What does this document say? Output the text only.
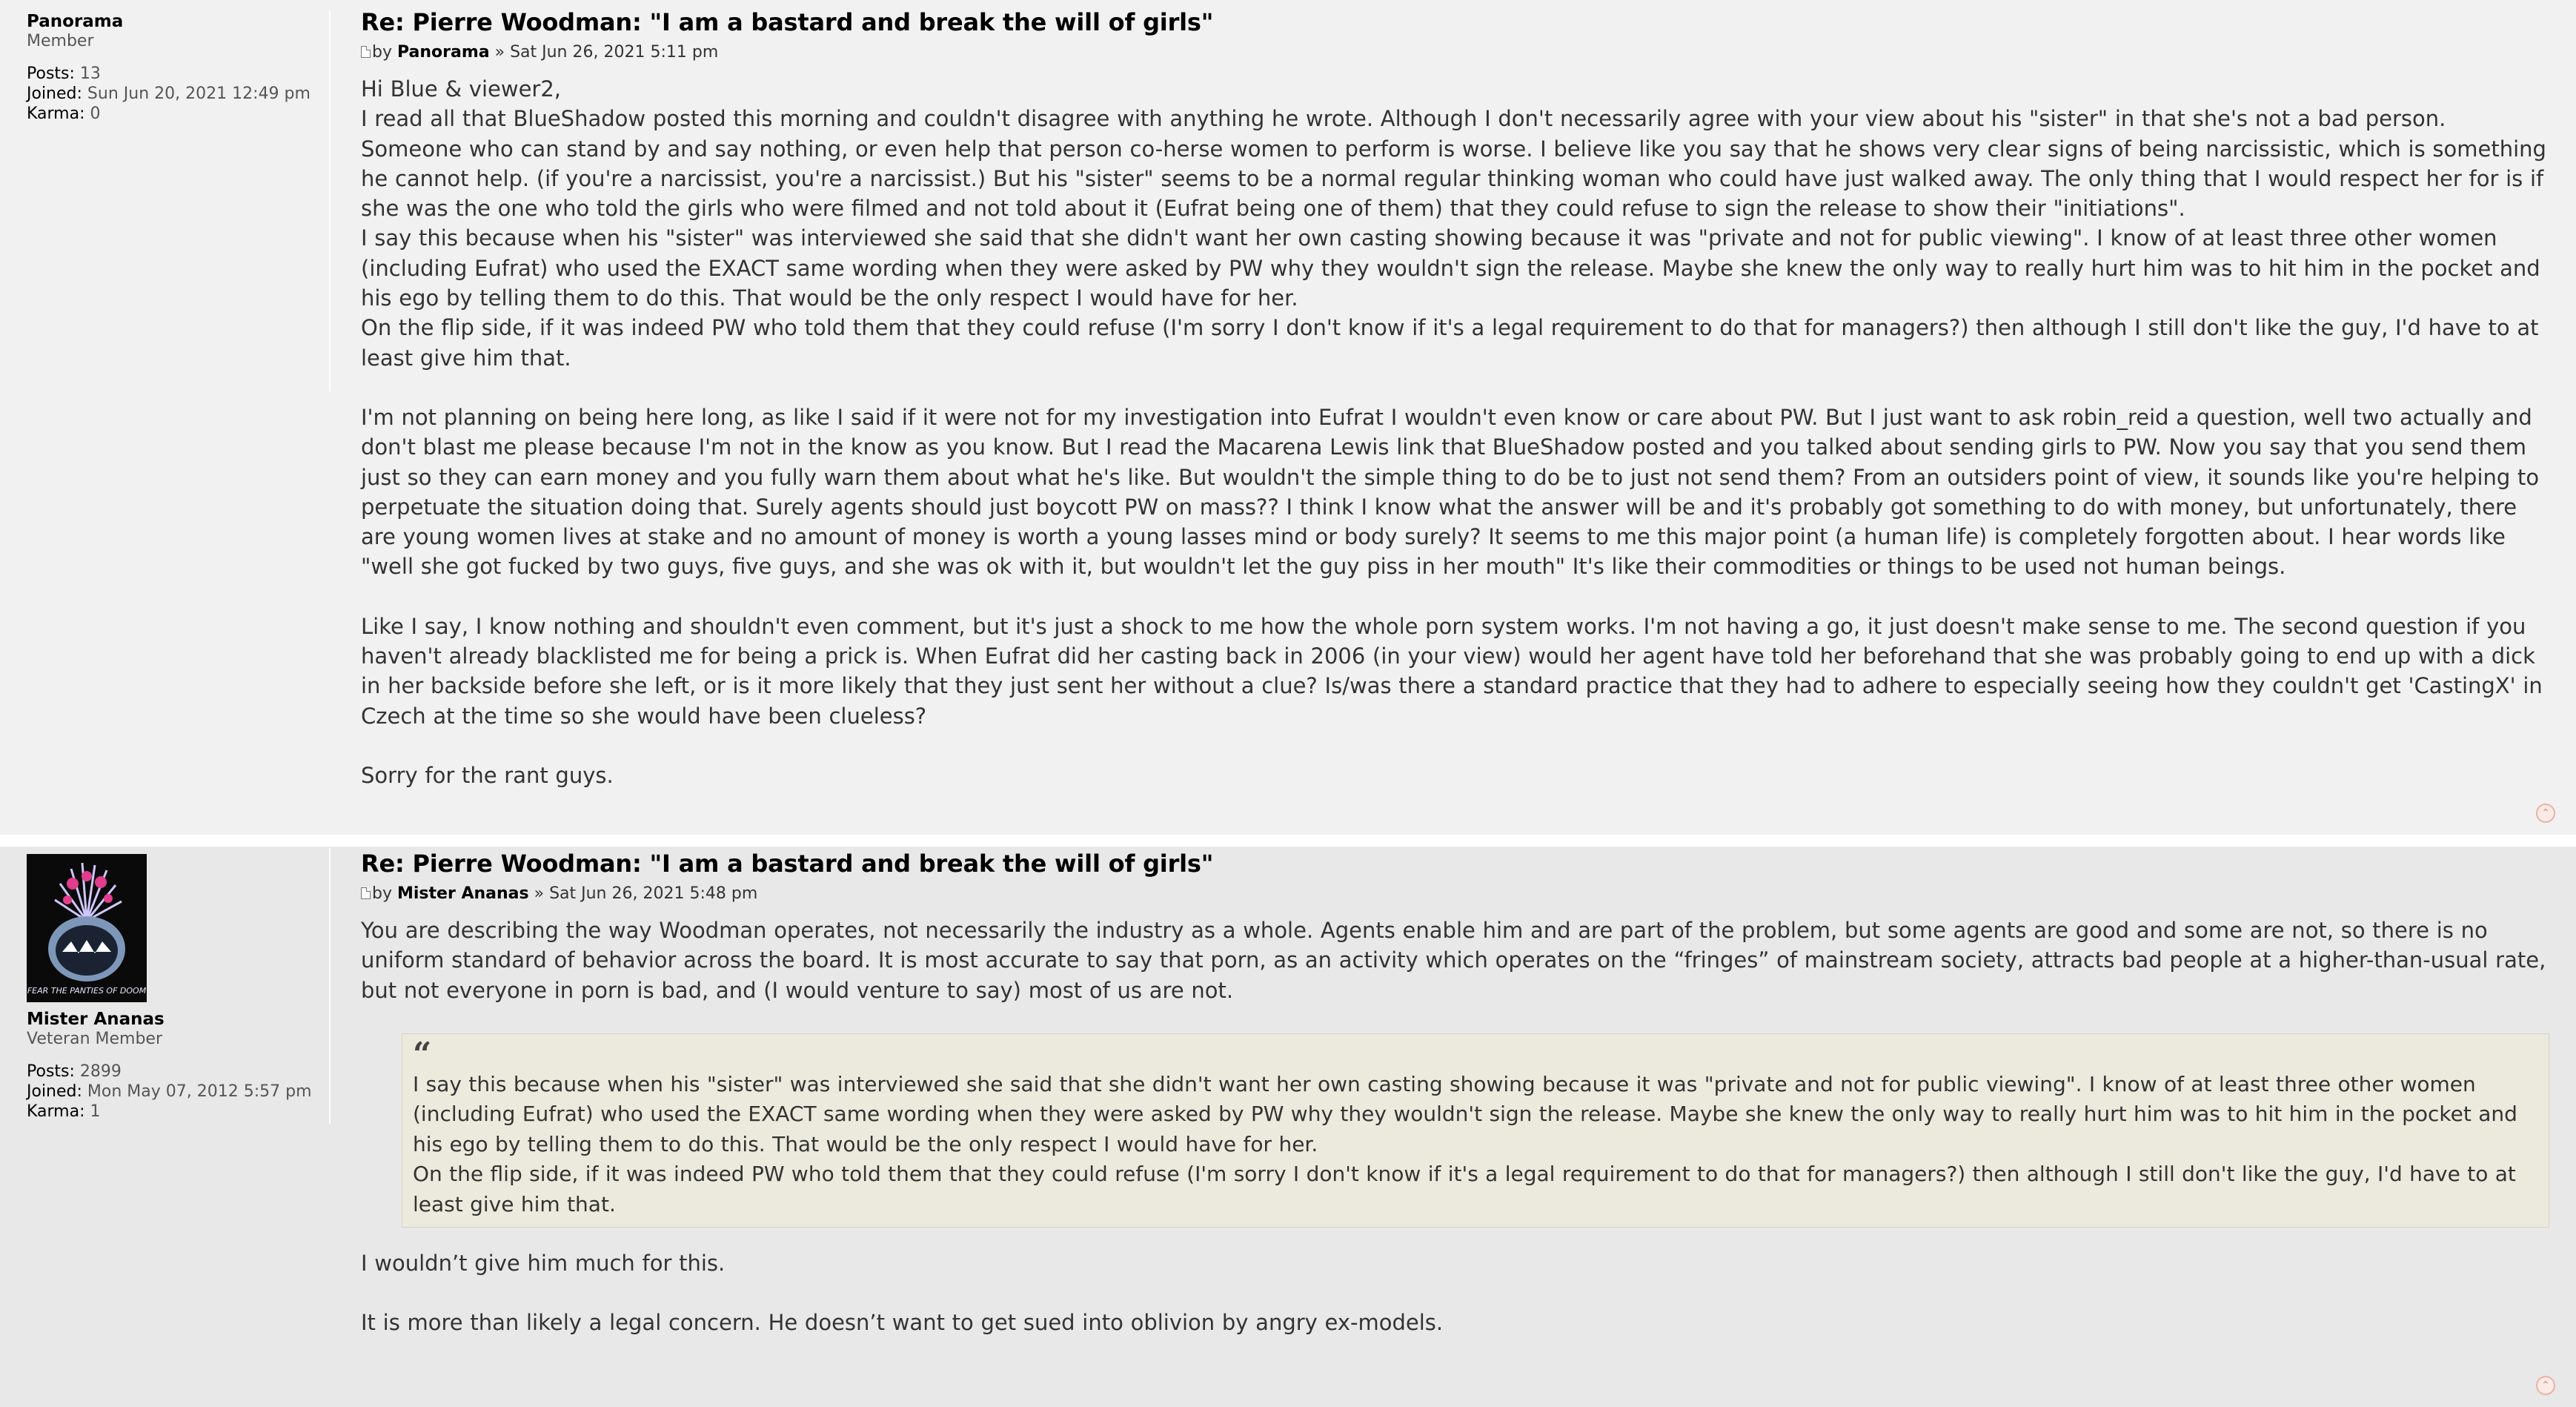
Panorama
Member
Posts: 13
Joined: Sun Jun 20, 2021 12:49 pm
Karma: 0
Re: Pierre Woodman: "I am a bastard and break the will of girls"
by Panorama » Sat Jun 26, 2021 5:11 pm

Hi Blue & viewer2,

I read all that BlueShadow posted this morning and couldn't disagree with anything he wrote. Although I don't necessarily agree with your view about his "sister" in that she's not a bad person. Someone who can stand by and say nothing, or even help that person co-herse women to perform is worse. I believe like you say that he shows very clear signs of being narcissistic, which is something he cannot help. (if you're a narcissist, you're a narcissist.) But his "sister" seems to be a normal regular thinking woman who could have just walked away. The only thing that I would respect her for is if she was the one who told the girls who were filmed and not told about it (Eufrat being one of them) that they could refuse to sign the release to show their "initiations".

I say this because when his "sister" was interviewed she said that she didn't want her own casting showing because it was "private and not for public viewing". I know of at least three other women (including Eufrat) who used the EXACT same wording when they were asked by PW why they wouldn't sign the release. Maybe she knew the only way to really hurt him was to hit him in the pocket and his ego by telling them to do this. That would be the only respect I would have for her.

On the flip side, if it was indeed PW who told them that they could refuse (I'm sorry I don't know if it's a legal requirement to do that for managers?) then although I still don't like the guy, I'd have to at least give him that.

I'm not planning on being here long, as like I said if it were not for my investigation into Eufrat I wouldn't even know or care about PW. But I just want to ask robin_reid a question, well two actually and don't blast me please because I'm not in the know as you know. But I read the Macarena Lewis link that BlueShadow posted and you talked about sending girls to PW. Now you say that you send them just so they can earn money and you fully warn them about what he's like. But wouldn't the simple thing to do be to just not send them? From an outsiders point of view, it sounds like you're helping to perpetuate the situation doing that. Surely agents should just boycott PW on mass?? I think I know what the answer will be and it's probably got something to do with money, but unfortunately, there are young women lives at stake and no amount of money is worth a young lasses mind or body surely? It seems to me this major point (a human life) is completely forgotten about. I hear words like "well she got fucked by two guys, five guys, and she was ok with it, but wouldn't let the guy piss in her mouth" It's like their commodities or things to be used not human beings.

Like I say, I know nothing and shouldn't even comment, but it's just a shock to me how the whole porn system works. I'm not having a go, it just doesn't make sense to me. The second question if you haven't already blacklisted me for being a prick is. When Eufrat did her casting back in 2006 (in your view) would her agent have told her beforehand that she was probably going to end up with a dick in her backside before she left, or is it more likely that they just sent her without a clue? Is/was there a standard practice that they had to adhere to especially seeing how they couldn't get 'CastingX' in Czech at the time so she would have been clueless?

Sorry for the rant guys.

⌃
FEAR THE PANTIES OF DOOM
Mister Ananas
Veteran Member
Posts: 2899
Joined: Mon May 07, 2012 5:57 pm
Karma: 1
Re: Pierre Woodman: "I am a bastard and break the will of girls"
by Mister Ananas » Sat Jun 26, 2021 5:48 pm

You are describing the way Woodman operates, not necessarily the industry as a whole. Agents enable him and are part of the problem, but some agents are good and some are not, so there is no uniform standard of behavior across the board. It is most accurate to say that porn, as an activity which operates on the “fringes” of mainstream society, attracts bad people at a higher-than-usual rate, but not everyone in porn is bad, and (I would venture to say) most of us are not.

“

I say this because when his "sister" was interviewed she said that she didn't want her own casting showing because it was "private and not for public viewing". I know of at least three other women (including Eufrat) who used the EXACT same wording when they were asked by PW why they wouldn't sign the release. Maybe she knew the only way to really hurt him was to hit him in the pocket and his ego by telling them to do this. That would be the only respect I would have for her.

On the flip side, if it was indeed PW who told them that they could refuse (I'm sorry I don't know if it's a legal requirement to do that for managers?) then although I still don't like the guy, I'd have to at least give him that.

I wouldn’t give him much for this.

It is more than likely a legal concern. He doesn’t want to get sued into oblivion by angry ex-models.

⌃
